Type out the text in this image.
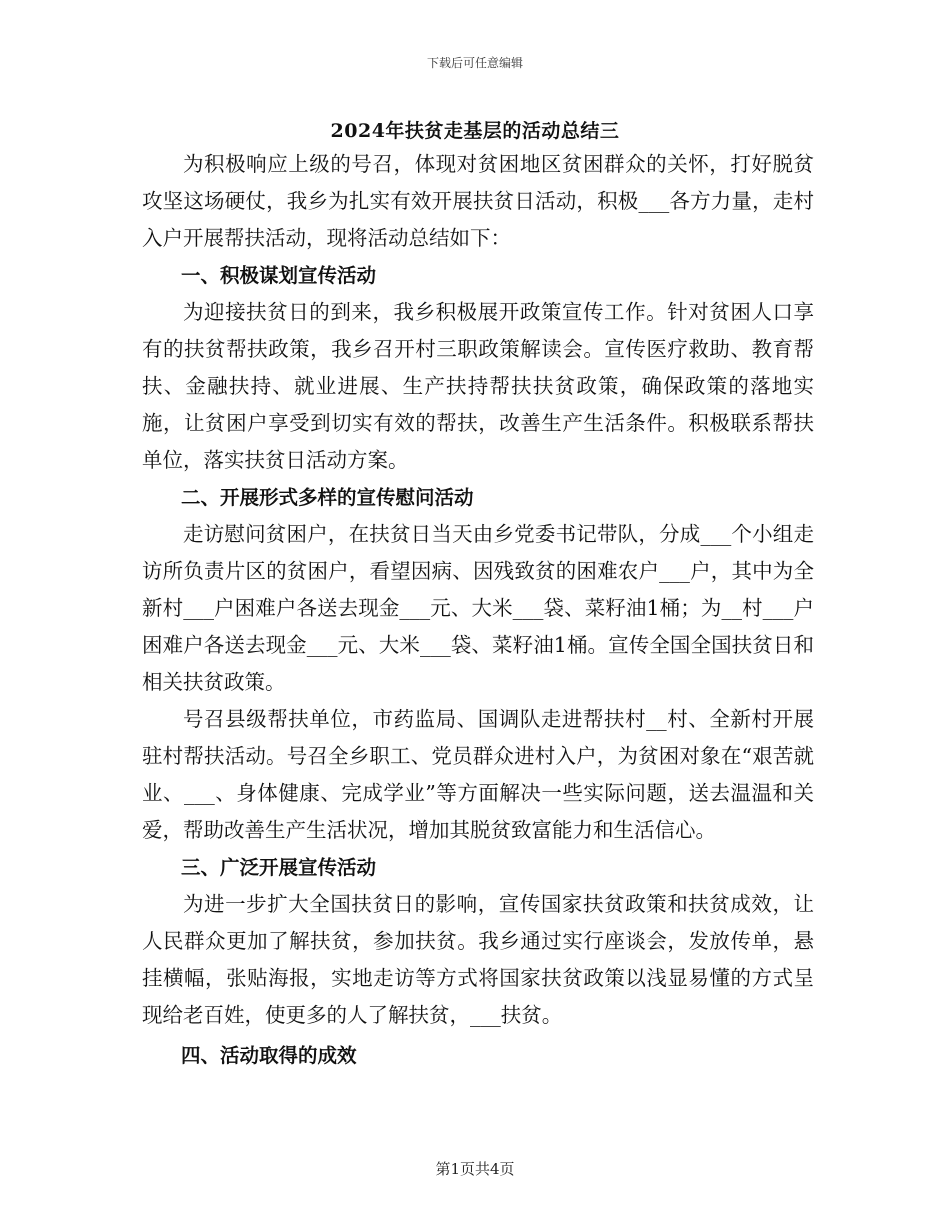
下载后可任意编辑
2024年扶贫走基层的活动总结三

为积极响应上级的号召，体现对贫困地区贫困群众的关怀，打好脱贫攻坚这场硬仗，我乡为扎实有效开展扶贫日活动，积极___各方力量，走村入户开展帮扶活动，现将活动总结如下：

一、积极谋划宣传活动

为迎接扶贫日的到来，我乡积极展开政策宣传工作。针对贫困人口享有的扶贫帮扶政策，我乡召开村三职政策解读会。宣传医疗救助、教育帮扶、金融扶持、就业进展、生产扶持帮扶扶贫政策，确保政策的落地实施，让贫困户享受到切实有效的帮扶，改善生产生活条件。积极联系帮扶单位，落实扶贫日活动方案。

二、开展形式多样的宣传慰问活动

走访慰问贫困户，在扶贫日当天由乡党委书记带队，分成___个小组走访所负责片区的贫困户，看望因病、因残致贫的困难农户___户，其中为全新村___户困难户各送去现金___元、大米___袋、菜籽油1桶；为__村___户困难户各送去现金___元、大米___袋、菜籽油1桶。宣传全国全国扶贫日和相关扶贫政策。

号召县级帮扶单位，市药监局、国调队走进帮扶村__村、全新村开展驻村帮扶活动。号召全乡职工、党员群众进村入户，为贫困对象在“艰苦就业、___、身体健康、完成学业”等方面解决一些实际问题，送去温温和关爱，帮助改善生产生活状况，增加其脱贫致富能力和生活信心。

三、广泛开展宣传活动

为进一步扩大全国扶贫日的影响，宣传国家扶贫政策和扶贫成效，让人民群众更加了解扶贫，参加扶贫。我乡通过实行座谈会，发放传单，悬挂横幅，张贴海报，实地走访等方式将国家扶贫政策以浅显易懂的方式呈现给老百姓，使更多的人了解扶贫，___扶贫。

四、活动取得的成效

第1页共4页
